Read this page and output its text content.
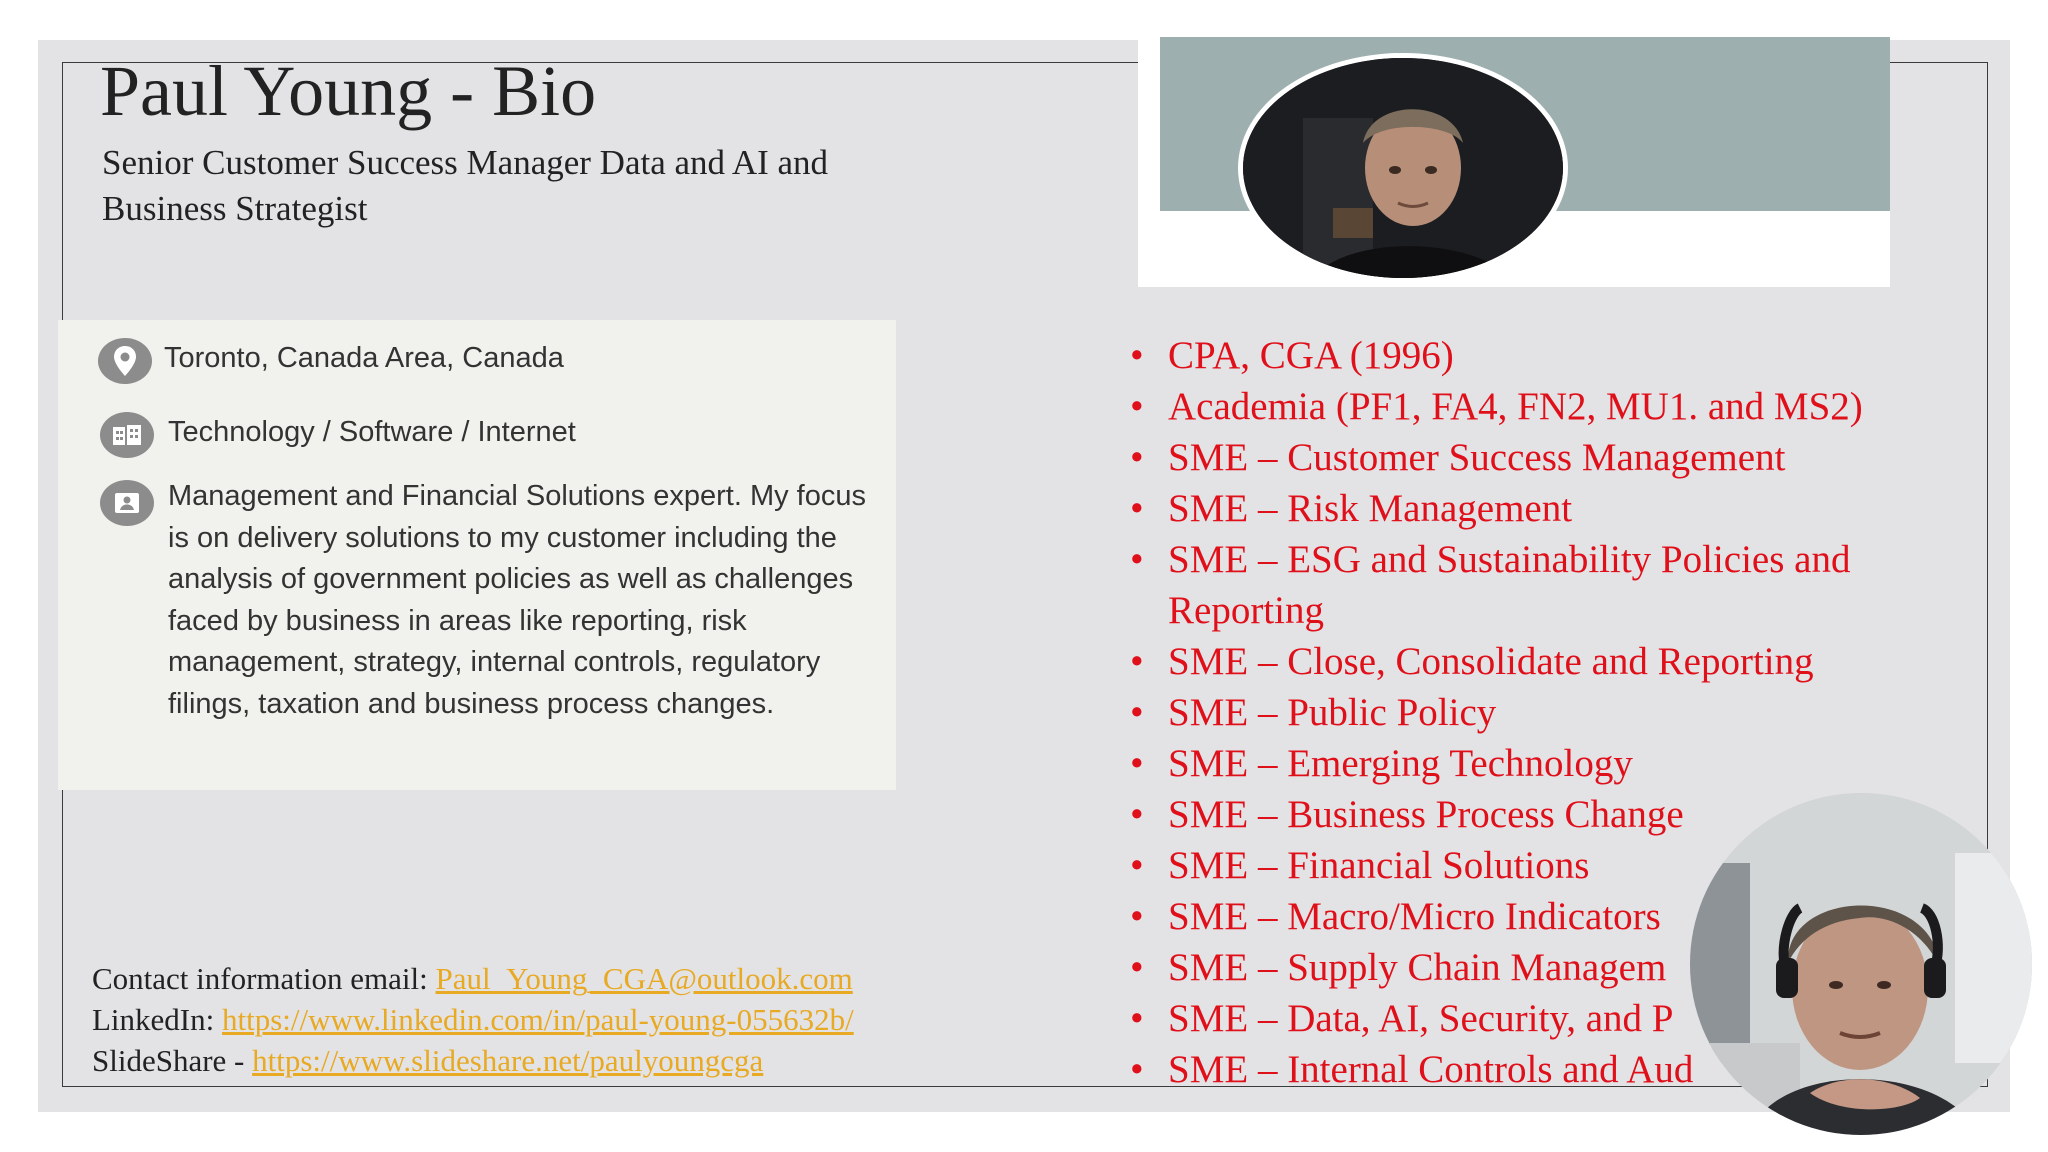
Paul Young - Bio

Senior Customer Success Manager Data and AI and Business Strategist

Toronto, Canada Area, Canada
Technology / Software / Internet
Management and Financial Solutions expert. My focus is on delivery solutions to my customer including the analysis of government policies as well as challenges faced by business in areas like reporting, risk management, strategy, internal controls, regulatory filings, taxation and business process changes.
• CPA, CGA (1996)
• Academia (PF1, FA4, FN2, MU1. and MS2)
• SME – Customer Success Management
• SME – Risk Management
• SME – ESG and Sustainability Policies and Reporting
• SME – Close, Consolidate and Reporting
• SME – Public Policy
• SME – Emerging Technology
• SME – Business Process Change
• SME – Financial Solutions
• SME – Macro/Micro Indicators
• SME – Supply Chain Managem
• SME – Data, AI, Security, and P
• SME – Internal Controls and Aud
Contact information email: Paul_Young_CGA@outlook.com
LinkedIn: https://www.linkedin.com/in/paul-young-055632b/
SlideShare - https://www.slideshare.net/paulyoungcga
